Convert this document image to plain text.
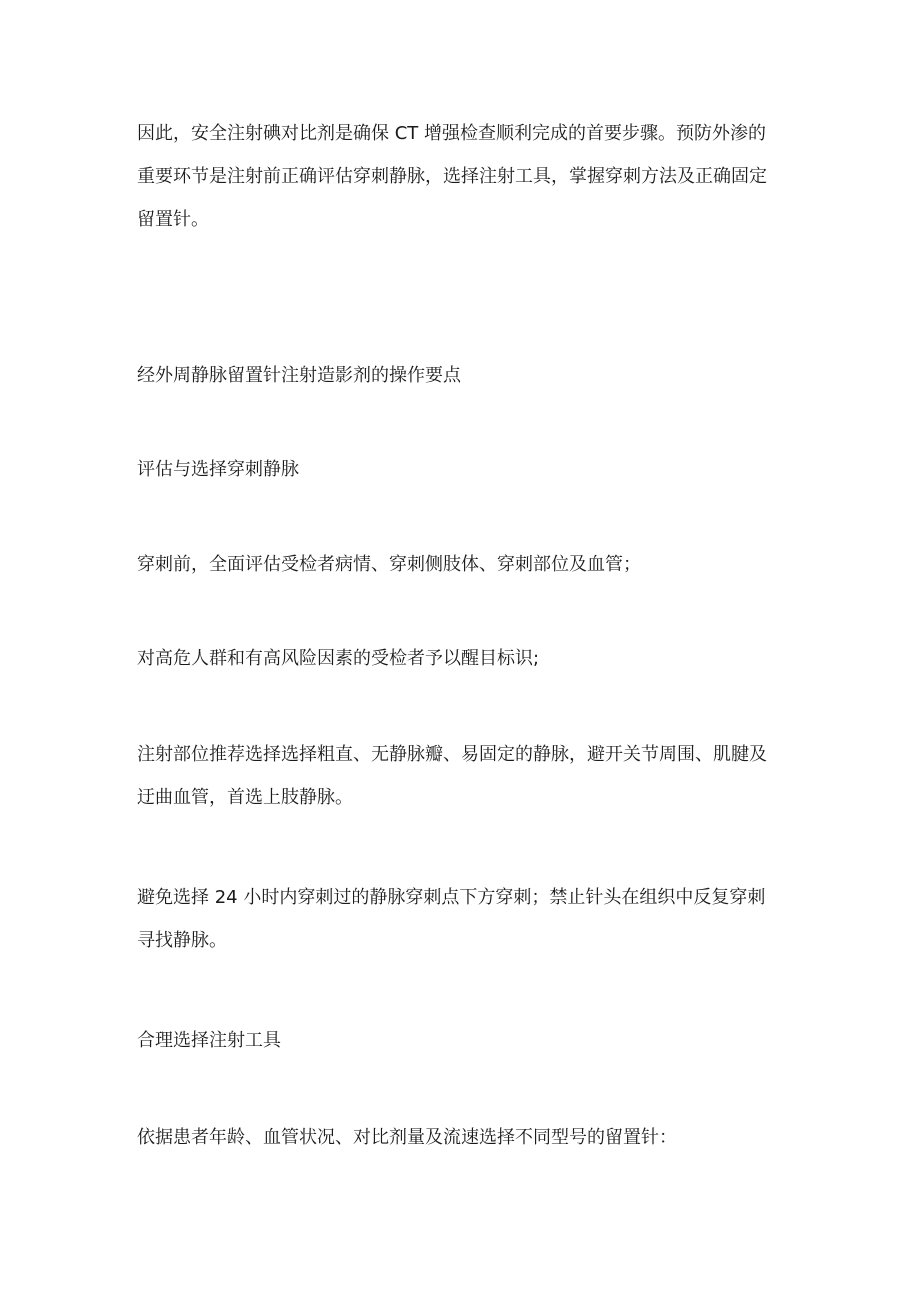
因此，安全注射碘对比剂是确保 CT 增强检查顺利完成的首要步骤。预防外渗的
重要环节是注射前正确评估穿刺静脉，选择注射工具，掌握穿刺方法及正确固定
留置针。

经外周静脉留置针注射造影剂的操作要点

评估与选择穿刺静脉

穿刺前，全面评估受检者病情、穿刺侧肢体、穿刺部位及血管；

对高危人群和有高风险因素的受检者予以醒目标识;

注射部位推荐选择选择粗直、无静脉瓣、易固定的静脉，避开关节周围、肌腱及
迂曲血管，首选上肢静脉。

避免选择 24 小时内穿刺过的静脉穿刺点下方穿刺；禁止针头在组织中反复穿刺
寻找静脉。

合理选择注射工具

依据患者年龄、血管状况、对比剂量及流速选择不同型号的留置针：
